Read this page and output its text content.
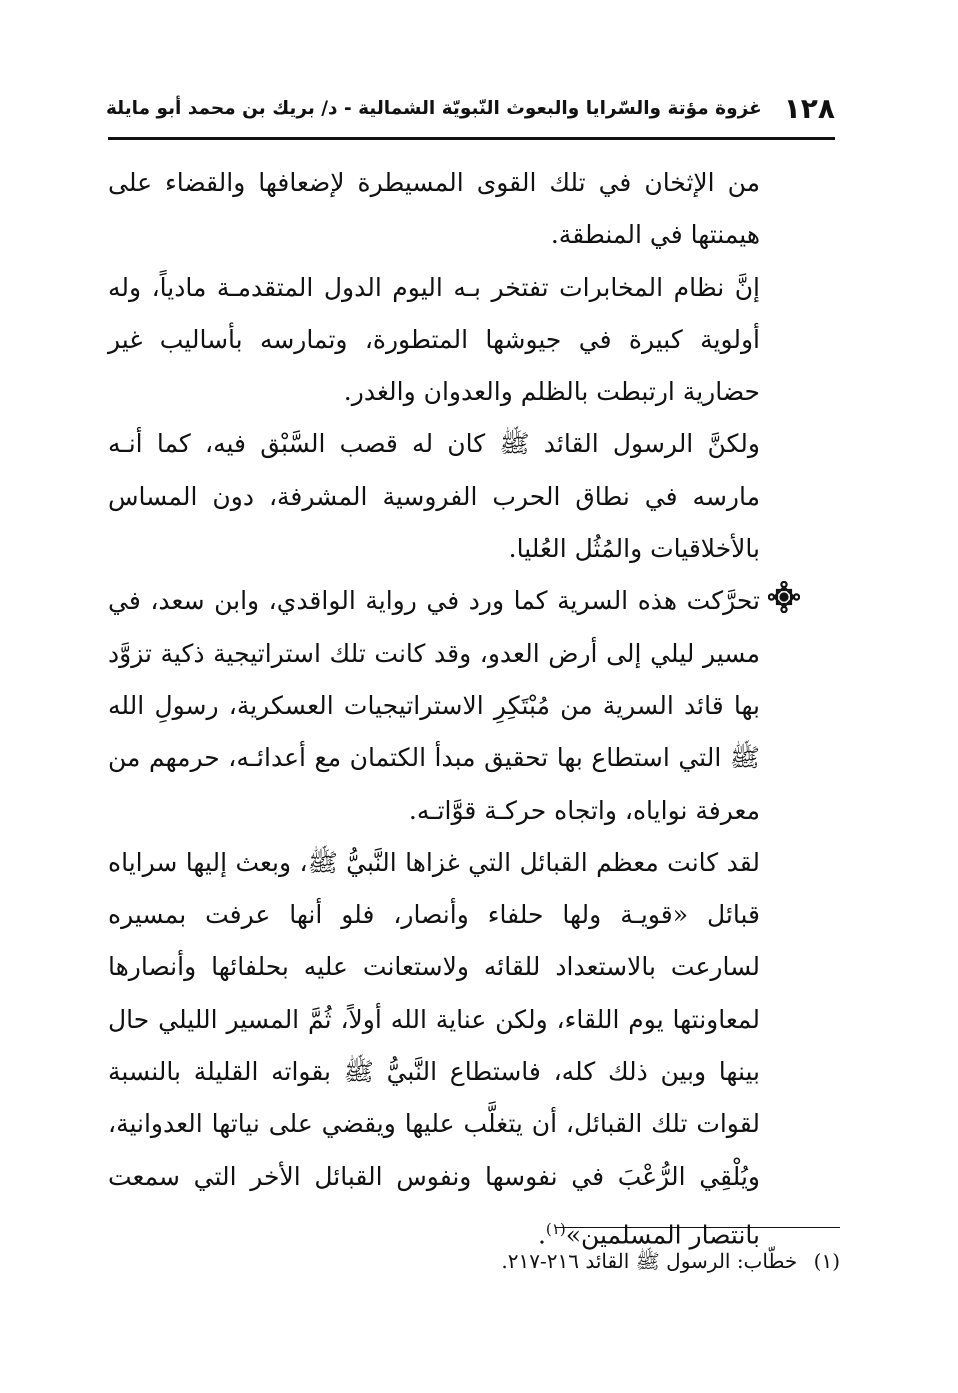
١٢٨
غزوة مؤتة والسّرايا والبعوث النّبويّة الشمالية - د/ بريك بن محمد أبو مايلة

من الإثخان في تلك القوى المسيطرة لإضعافها والقضاء على هيمنتها في المنطقة.

إنَّ نظام المخابرات تفتخر بـه اليوم الدول المتقدمـة مادياً، وله أولوية كبيرة في جيوشها المتطورة، وتمارسه بأساليب غير حضارية ارتبطت بالظلم والعدوان والغدر.

ولكنَّ الرسول القائد ﷺ كان له قصب السَّبْق فيه، كما أنـه مارسه في نطاق الحرب الفروسية المشرفة، دون المساس بالأخلاقيات والمُثُل العُليا.

تحرَّكت هذه السرية كما ورد في رواية الواقدي، وابن سعد، في مسير ليلي إلى أرض العدو، وقد كانت تلك استراتيجية ذكية تزوَّد بها قائد السرية من مُبْتَكِرِ الاستراتيجيات العسكرية، رسولِ الله ﷺ التي استطاع بها تحقيق مبدأ الكتمان مع أعدائـه، حرمهم من معرفة نواياه، واتجاه حركـة قوَّاتـه.

لقد كانت معظم القبائل التي غزاها النَّبيُّ ﷺ، وبعث إليها سراياه قبائل «قويـة ولها حلفاء وأنصار، فلو أنها عرفت بمسيره لسارعت بالاستعداد للقائه ولاستعانت عليه بحلفائها وأنصارها لمعاونتها يوم اللقاء، ولكن عناية الله أولاً، ثُمَّ المسير الليلي حال بينها وبين ذلك كله، فاستطاع النَّبيُّ ﷺ بقواته القليلة بالنسبة لقوات تلك القبائل، أن يتغلَّب عليها ويقضي على نياتها العدوانية، ويُلْقِي الرُّعْبَ في نفوسها ونفوس القبائل الأخر التي سمعت بانتصار المسلمين»$^{(١)}$.

(١) خطّاب: الرسول ﷺ القائد ٢١٦-٢١٧.
